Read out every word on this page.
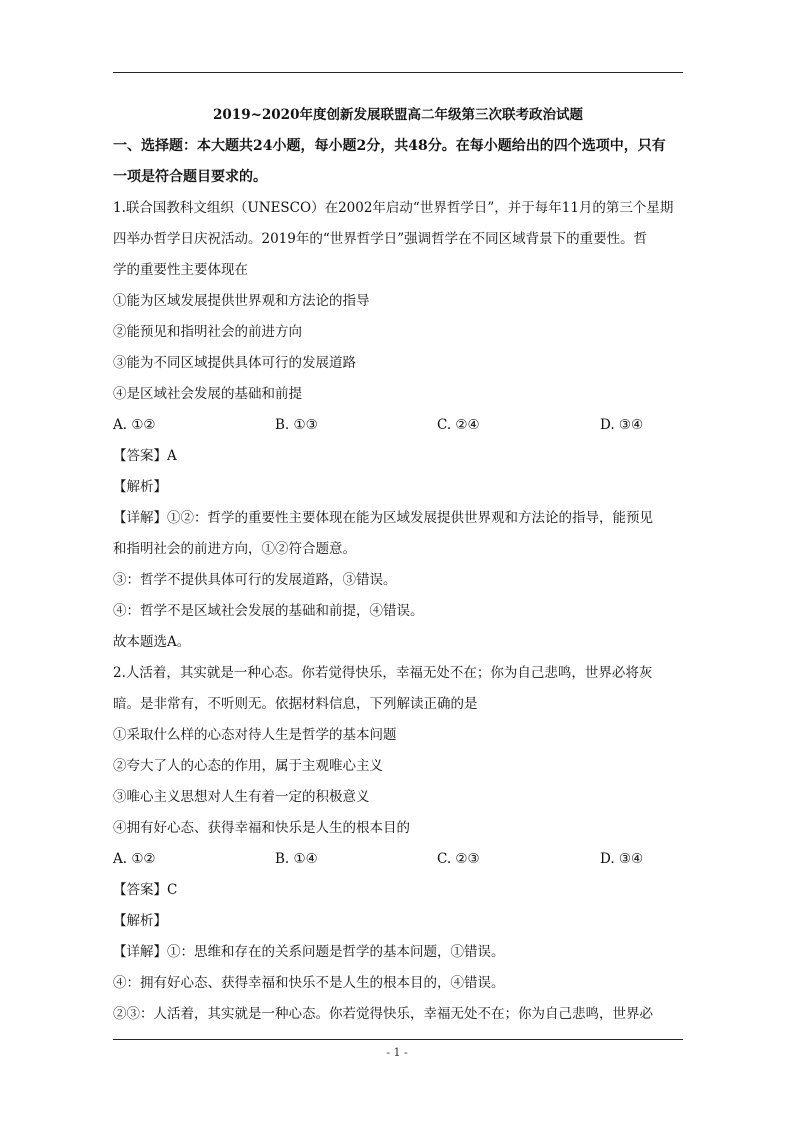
2019~2020年度创新发展联盟高二年级第三次联考政治试题
一、选择题：本大题共24小题，每小题2分，共48分。在每小题给出的四个选项中，只有
一项是符合题目要求的。
1.联合国教科文组织（UNESCO）在2002年启动“世界哲学日”，并于每年11月的第三个星期
四举办哲学日庆祝活动。2019年的“世界哲学日”强调哲学在不同区域背景下的重要性。哲
学的重要性主要体现在
①能为区域发展提供世界观和方法论的指导
②能预见和指明社会的前进方向
③能为不同区域提供具体可行的发展道路
④是区域社会发展的基础和前提
A. ①②	B. ①③	C. ②④	D. ③④
【答案】A
【解析】
【详解】①②：哲学的重要性主要体现在能为区域发展提供世界观和方法论的指导，能预见
和指明社会的前进方向，①②符合题意。
③：哲学不提供具体可行的发展道路，③错误。
④：哲学不是区域社会发展的基础和前提，④错误。
故本题选A。
2.人活着，其实就是一种心态。你若觉得快乐，幸福无处不在；你为自己悲鸣，世界必将灰
暗。是非常有，不听则无。依据材料信息，下列解读正确的是
①采取什么样的心态对待人生是哲学的基本问题
②夸大了人的心态的作用，属于主观唯心主义
③唯心主义思想对人生有着一定的积极意义
④拥有好心态、获得幸福和快乐是人生的根本目的
A. ①②	B. ①④	C. ②③	D. ③④
【答案】C
【解析】
【详解】①：思维和存在的关系问题是哲学的基本问题，①错误。
④：拥有好心态、获得幸福和快乐不是人生的根本目的，④错误。
②③：人活着，其实就是一种心态。你若觉得快乐，幸福无处不在；你为自己悲鸣，世界必
- 1 -
